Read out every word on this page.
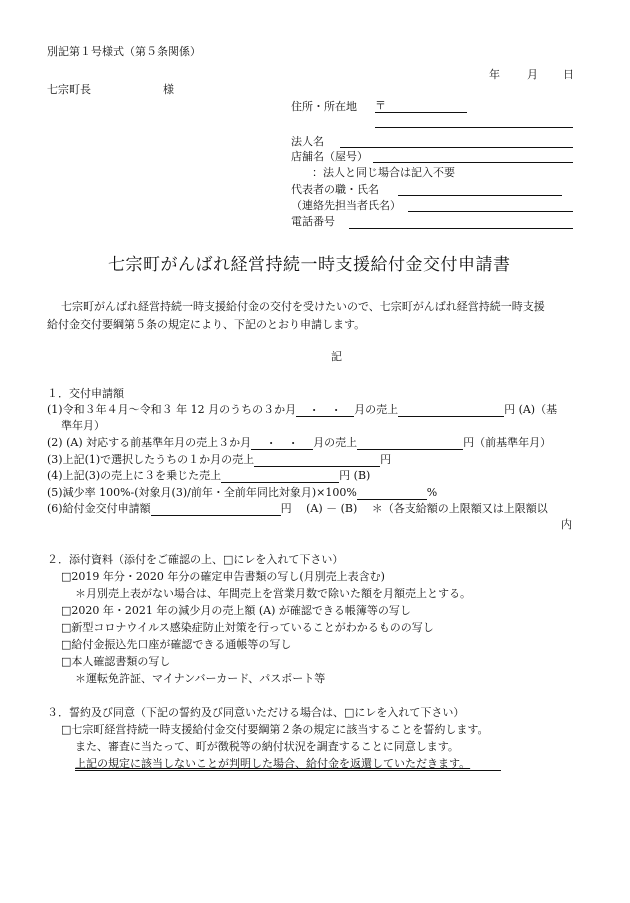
別記第１号様式（第５条関係）
年 月 日
七宗町長	様
住所・所在地 〒
法人名
店舗名（屋号）
：法人と同じ場合は記入不要
代表者の職・氏名
（連絡先担当者氏名）
電話番号
七宗町がんばれ経営持続一時支援給付金交付申請書
七宗町がんばれ経営持続一時支援給付金の交付を受けたいので、七宗町がんばれ経営持続一時支援
給付金交付要綱第５条の規定により、下記のとおり申請します。
記
１．交付申請額
(1)令和３年４月～令和３ 年 12 月のうちの３か月 ・　・ 月の売上	円 (A)（基
準年月）
(2) (A) 対応する前基準年月の売上３か月 ・　・ 月の売上	円（前基準年月）
(3)上記(1)で選択したうちの１か月の売上	円
(4)上記(3)の売上に３を乗じた売上	円 (B)
(5)減少率 100%-(対象月(3)/前年・全前年同比対象月)×100%	%
(6)給付金交付申請額	円　 (A) － (B)　 ＊（各支給額の上限額又は上限額以
内
２．添付資料（添付をご確認の上、□にレを入れて下さい）
□2019 年分・2020 年分の確定申告書類の写し(月別売上表含む)
＊月別売上表がない場合は、年間売上を営業月数で除いた額を月額売上とする。
□2020 年・2021 年の減少月の売上額 (A) が確認できる帳簿等の写し
□新型コロナウイルス感染症防止対策を行っていることがわかるものの写し
□給付金振込先口座が確認できる通帳等の写し
□本人確認書類の写し
＊運転免許証、マイナンバーカード、パスポート等
３．誓約及び同意（下記の誓約及び同意いただける場合は、□にレを入れて下さい）
□七宗町経営持続一時支援給付金交付要綱第２条の規定に該当することを誓約します。
また、審査に当たって、町が徴税等の納付状況を調査することに同意します。
上記の規定に該当しないことが判明した場合、給付金を返還していただきます。
